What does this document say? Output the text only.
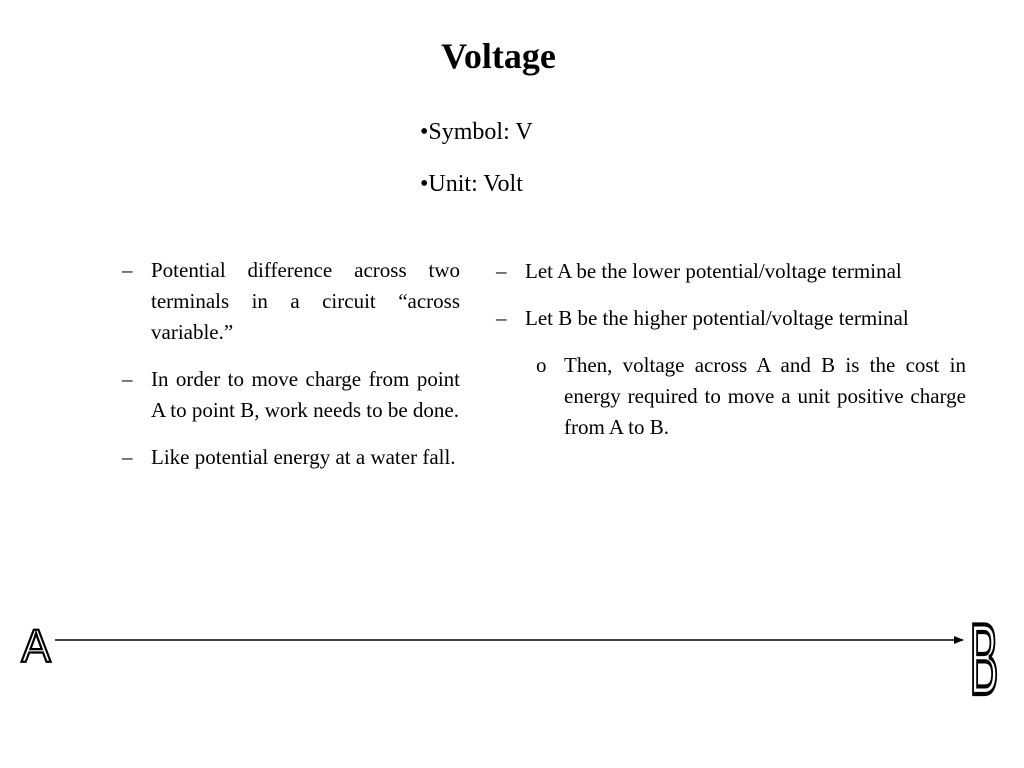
Voltage
•Symbol: V
•Unit: Volt
– Potential difference across two terminals in a circuit “across variable.”
– In order to move charge from point A to point B, work needs to be done.
– Like potential energy at a water fall.
– Let A be the lower potential/voltage terminal
– Let B be the higher potential/voltage terminal
o Then, voltage across A and B is the cost in energy required to move a unit positive charge from A to B.
A	B
